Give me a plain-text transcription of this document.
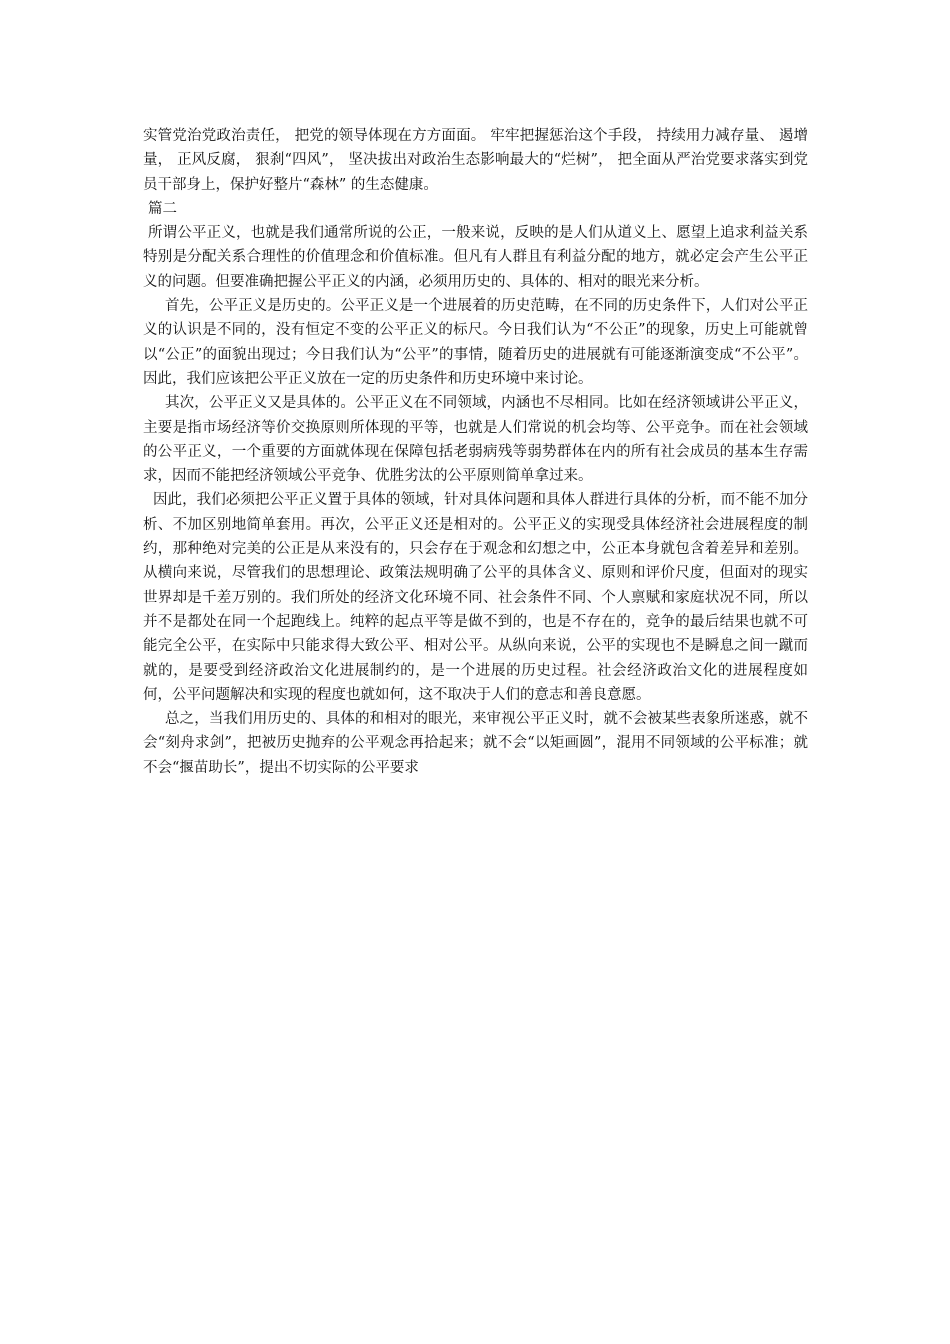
实管党治党政治责任， 把党的领导体现在方方面面。 牢牢把握惩治这个手段， 持续用力减存量、 遏增量， 正风反腐， 狠刹“四风”， 坚决拔出对政治生态影响最大的“烂树”， 把全面从严治党要求落实到党员干部身上，保护好整片“森林” 的生态健康。

篇二

所谓公平正义，也就是我们通常所说的公正，一般来说，反映的是人们从道义上、愿望上追求利益关系特别是分配关系合理性的价值理念和价值标准。但凡有人群且有利益分配的地方，就必定会产生公平正义的问题。但要准确把握公平正义的内涵，必须用历史的、具体的、相对的眼光来分析。

首先，公平正义是历史的。公平正义是一个进展着的历史范畴，在不同的历史条件下，人们对公平正义的认识是不同的，没有恒定不变的公平正义的标尺。今日我们认为“不公正”的现象，历史上可能就曾以“公正”的面貌出现过；今日我们认为“公平”的事情，随着历史的进展就有可能逐渐演变成“不公平”。因此，我们应该把公平正义放在一定的历史条件和历史环境中来讨论。

其次，公平正义又是具体的。公平正义在不同领域，内涵也不尽相同。比如在经济领域讲公平正义，主要是指市场经济等价交换原则所体现的平等，也就是人们常说的机会均等、公平竞争。而在社会领域的公平正义，一个重要的方面就体现在保障包括老弱病残等弱势群体在内的所有社会成员的基本生存需求，因而不能把经济领域公平竞争、优胜劣汰的公平原则简单拿过来。

因此，我们必须把公平正义置于具体的领域，针对具体问题和具体人群进行具体的分析，而不能不加分析、不加区别地简单套用。再次，公平正义还是相对的。公平正义的实现受具体经济社会进展程度的制约，那种绝对完美的公正是从来没有的，只会存在于观念和幻想之中，公正本身就包含着差异和差别。从横向来说，尽管我们的思想理论、政策法规明确了公平的具体含义、原则和评价尺度，但面对的现实世界却是千差万别的。我们所处的经济文化环境不同、社会条件不同、个人禀赋和家庭状况不同，所以并不是都处在同一个起跑线上。纯粹的起点平等是做不到的，也是不存在的，竞争的最后结果也就不可能完全公平，在实际中只能求得大致公平、相对公平。从纵向来说，公平的实现也不是瞬息之间一蹴而就的，是要受到经济政治文化进展制约的，是一个进展的历史过程。社会经济政治文化的进展程度如何，公平问题解决和实现的程度也就如何，这不取决于人们的意志和善良意愿。

总之，当我们用历史的、具体的和相对的眼光，来审视公平正义时，就不会被某些表象所迷惑，就不会“刻舟求剑”，把被历史抛弃的公平观念再拾起来；就不会“以矩画圆”，混用不同领域的公平标准；就不会“揠苗助长”，提出不切实际的公平要求
